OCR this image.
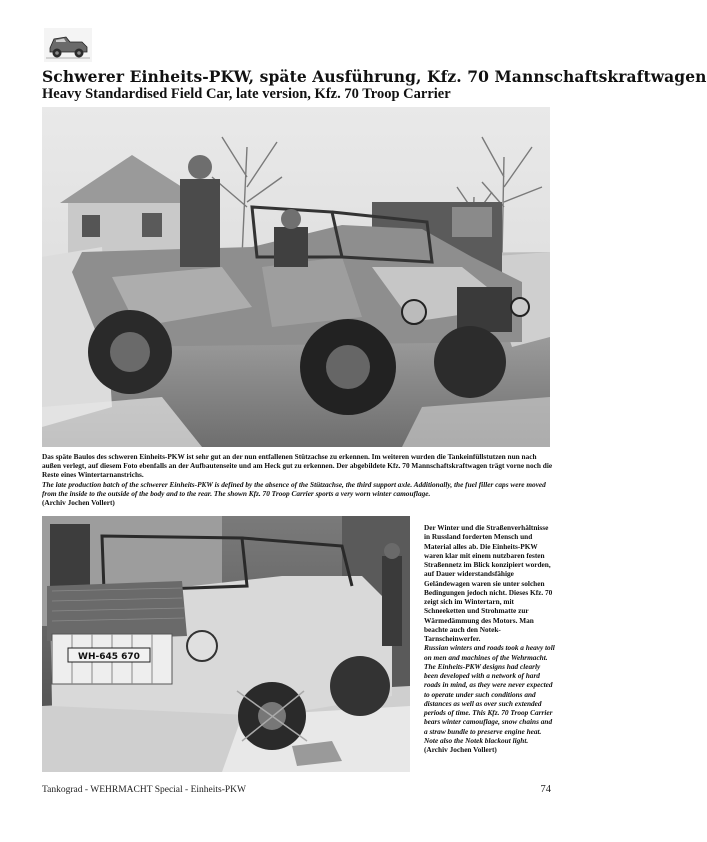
Schwerer Einheits-PKW, späte Ausführung, Kfz. 70 Mannschaftskraftwagen
Heavy Standardised Field Car, late version, Kfz. 70 Troop Carrier
Das späte Baulos des schweren Einheits-PKW ist sehr gut an der nun entfallenen Stützachse zu erkennen. Im weiteren wurden die Tankeinfüllstutzen nun nach außen verlegt, auf diesem Foto ebenfalls an der Aufbautenseite und am Heck gut zu erkennen. Der abgebildete Kfz. 70 Mannschaftskraftwagen trägt vorne noch die Reste eines Wintertarnanstrichs.
The late production batch of the schwerer Einheits-PKW is defined by the absence of the Stützachse, the third support axle. Additionally, the fuel filler caps were moved from the inside to the outside of the body and to the rear. The shown Kfz. 70 Troop Carrier sports a very worn winter camouflage.
(Archiv Jochen Vollert)
WH-645 670
Der Winter und die Straßenverhältnisse in Russland forderten Mensch und Material alles ab. Die Einheits-PKW waren klar mit einem nutzbaren festen Straßennetz im Blick konzipiert worden, auf Dauer widerstandsfähige Geländewagen waren sie unter solchen Bedingungen jedoch nicht. Dieses Kfz. 70 zeigt sich im Wintertarn, mit Schneeketten und Strohmatte zur Wärmedämmung des Motors. Man beachte auch den Notek-Tarnscheinwerfer.
Russian winters and roads took a heavy toll on men and machines of the Wehrmacht. The Einheits-PKW designs had clearly been developed with a network of hard roads in mind, as they were never expected to operate under such conditions and distances as well as over such extended periods of time. This Kfz. 70 Troop Carrier bears winter camouflage, snow chains and a straw bundle to preserve engine heat. Note also the Notek blackout light.
(Archiv Jochen Vollert)
Tankograd - WEHRMACHT Special - Einheits-PKW	74
